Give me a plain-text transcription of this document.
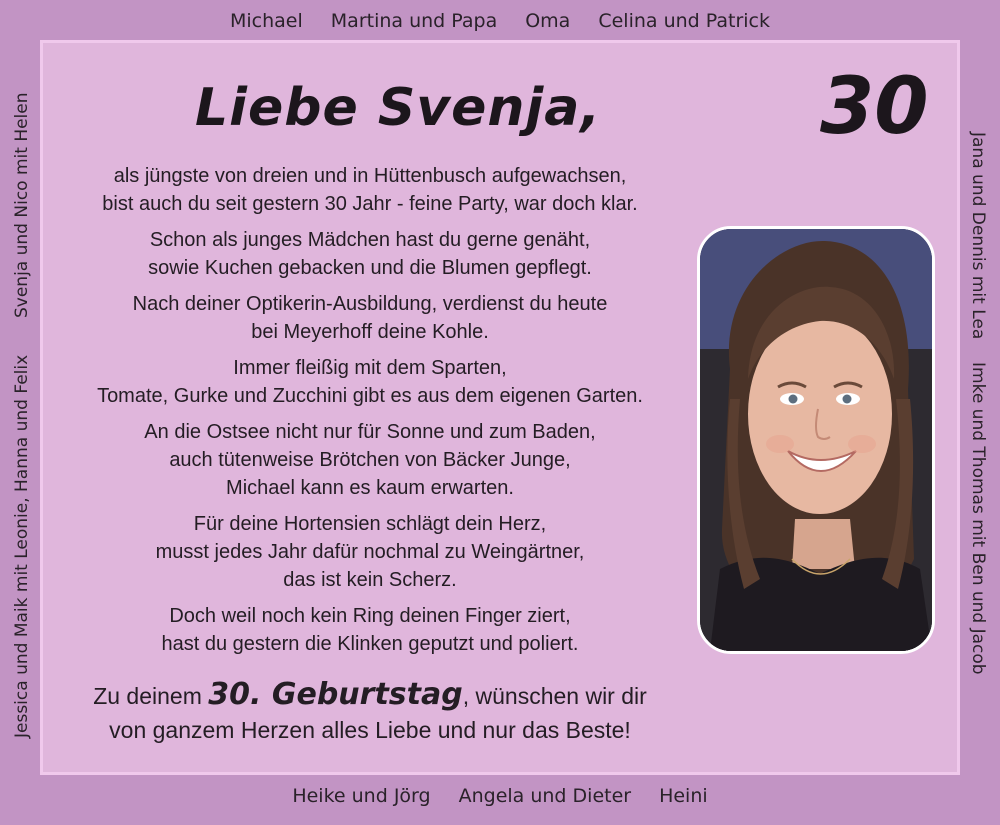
Michael Martina und Papa Oma Celina und Patrick
Heike und Jörg Angela und Dieter Heini
Svenja und Nico mit Helen
Jessica und Maik mit Leonie, Hanna und Felix
Jana und Dennis mit Lea
Imke und Thomas mit Ben und Jacob
Liebe Svenja,	30
als jüngste von dreien und in Hüttenbusch aufgewachsen,
bist auch du seit gestern 30 Jahr - feine Party, war doch klar.
Schon als junges Mädchen hast du gerne genäht,
sowie Kuchen gebacken und die Blumen gepflegt.
Nach deiner Optikerin-Ausbildung, verdienst du heute
bei Meyerhoff deine Kohle.
Immer fleißig mit dem Sparten,
Tomate, Gurke und Zucchini gibt es aus dem eigenen Garten.
An die Ostsee nicht nur für Sonne und zum Baden,
auch tütenweise Brötchen von Bäcker Junge,
Michael kann es kaum erwarten.
Für deine Hortensien schlägt dein Herz,
musst jedes Jahr dafür nochmal zu Weingärtner,
das ist kein Scherz.
Doch weil noch kein Ring deinen Finger ziert,
hast du gestern die Klinken geputzt und poliert.
Zu deinem 30. Geburtstag, wünschen wir dir
von ganzem Herzen alles Liebe und nur das Beste!
